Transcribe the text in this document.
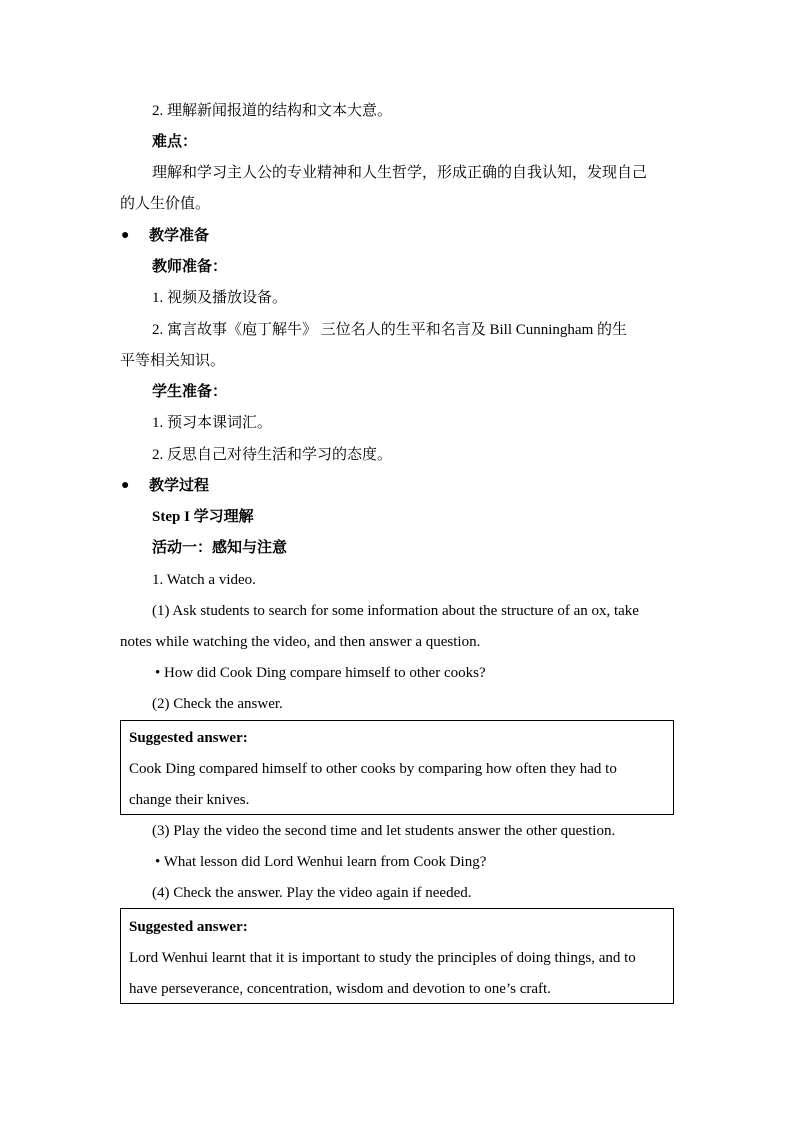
2. 理解新闻报道的结构和文本大意。
难点：
理解和学习主人公的专业精神和人生哲学，形成正确的自我认知，发现自己
的人生价值。
● 教学准备
教师准备：
1. 视频及播放设备。
2. 寓言故事《庖丁解牛》 三位名人的生平和名言及 Bill Cunningham 的生
平等相关知识。
学生准备：
1. 预习本课词汇。
2. 反思自己对待生活和学习的态度。
● 教学过程
Step I 学习理解
活动一：感知与注意
1. Watch a video.
(1) Ask students to search for some information about the structure of an ox, take
notes while watching the video, and then answer a question.
• How did Cook Ding compare himself to other cooks?
(2) Check the answer.
Suggested answer:
Cook Ding compared himself to other cooks by comparing how often they had to
change their knives.
(3) Play the video the second time and let students answer the other question.
• What lesson did Lord Wenhui learn from Cook Ding?
(4) Check the answer. Play the video again if needed.
Suggested answer:
Lord Wenhui learnt that it is important to study the principles of doing things, and to
have perseverance, concentration, wisdom and devotion to one’s craft.
